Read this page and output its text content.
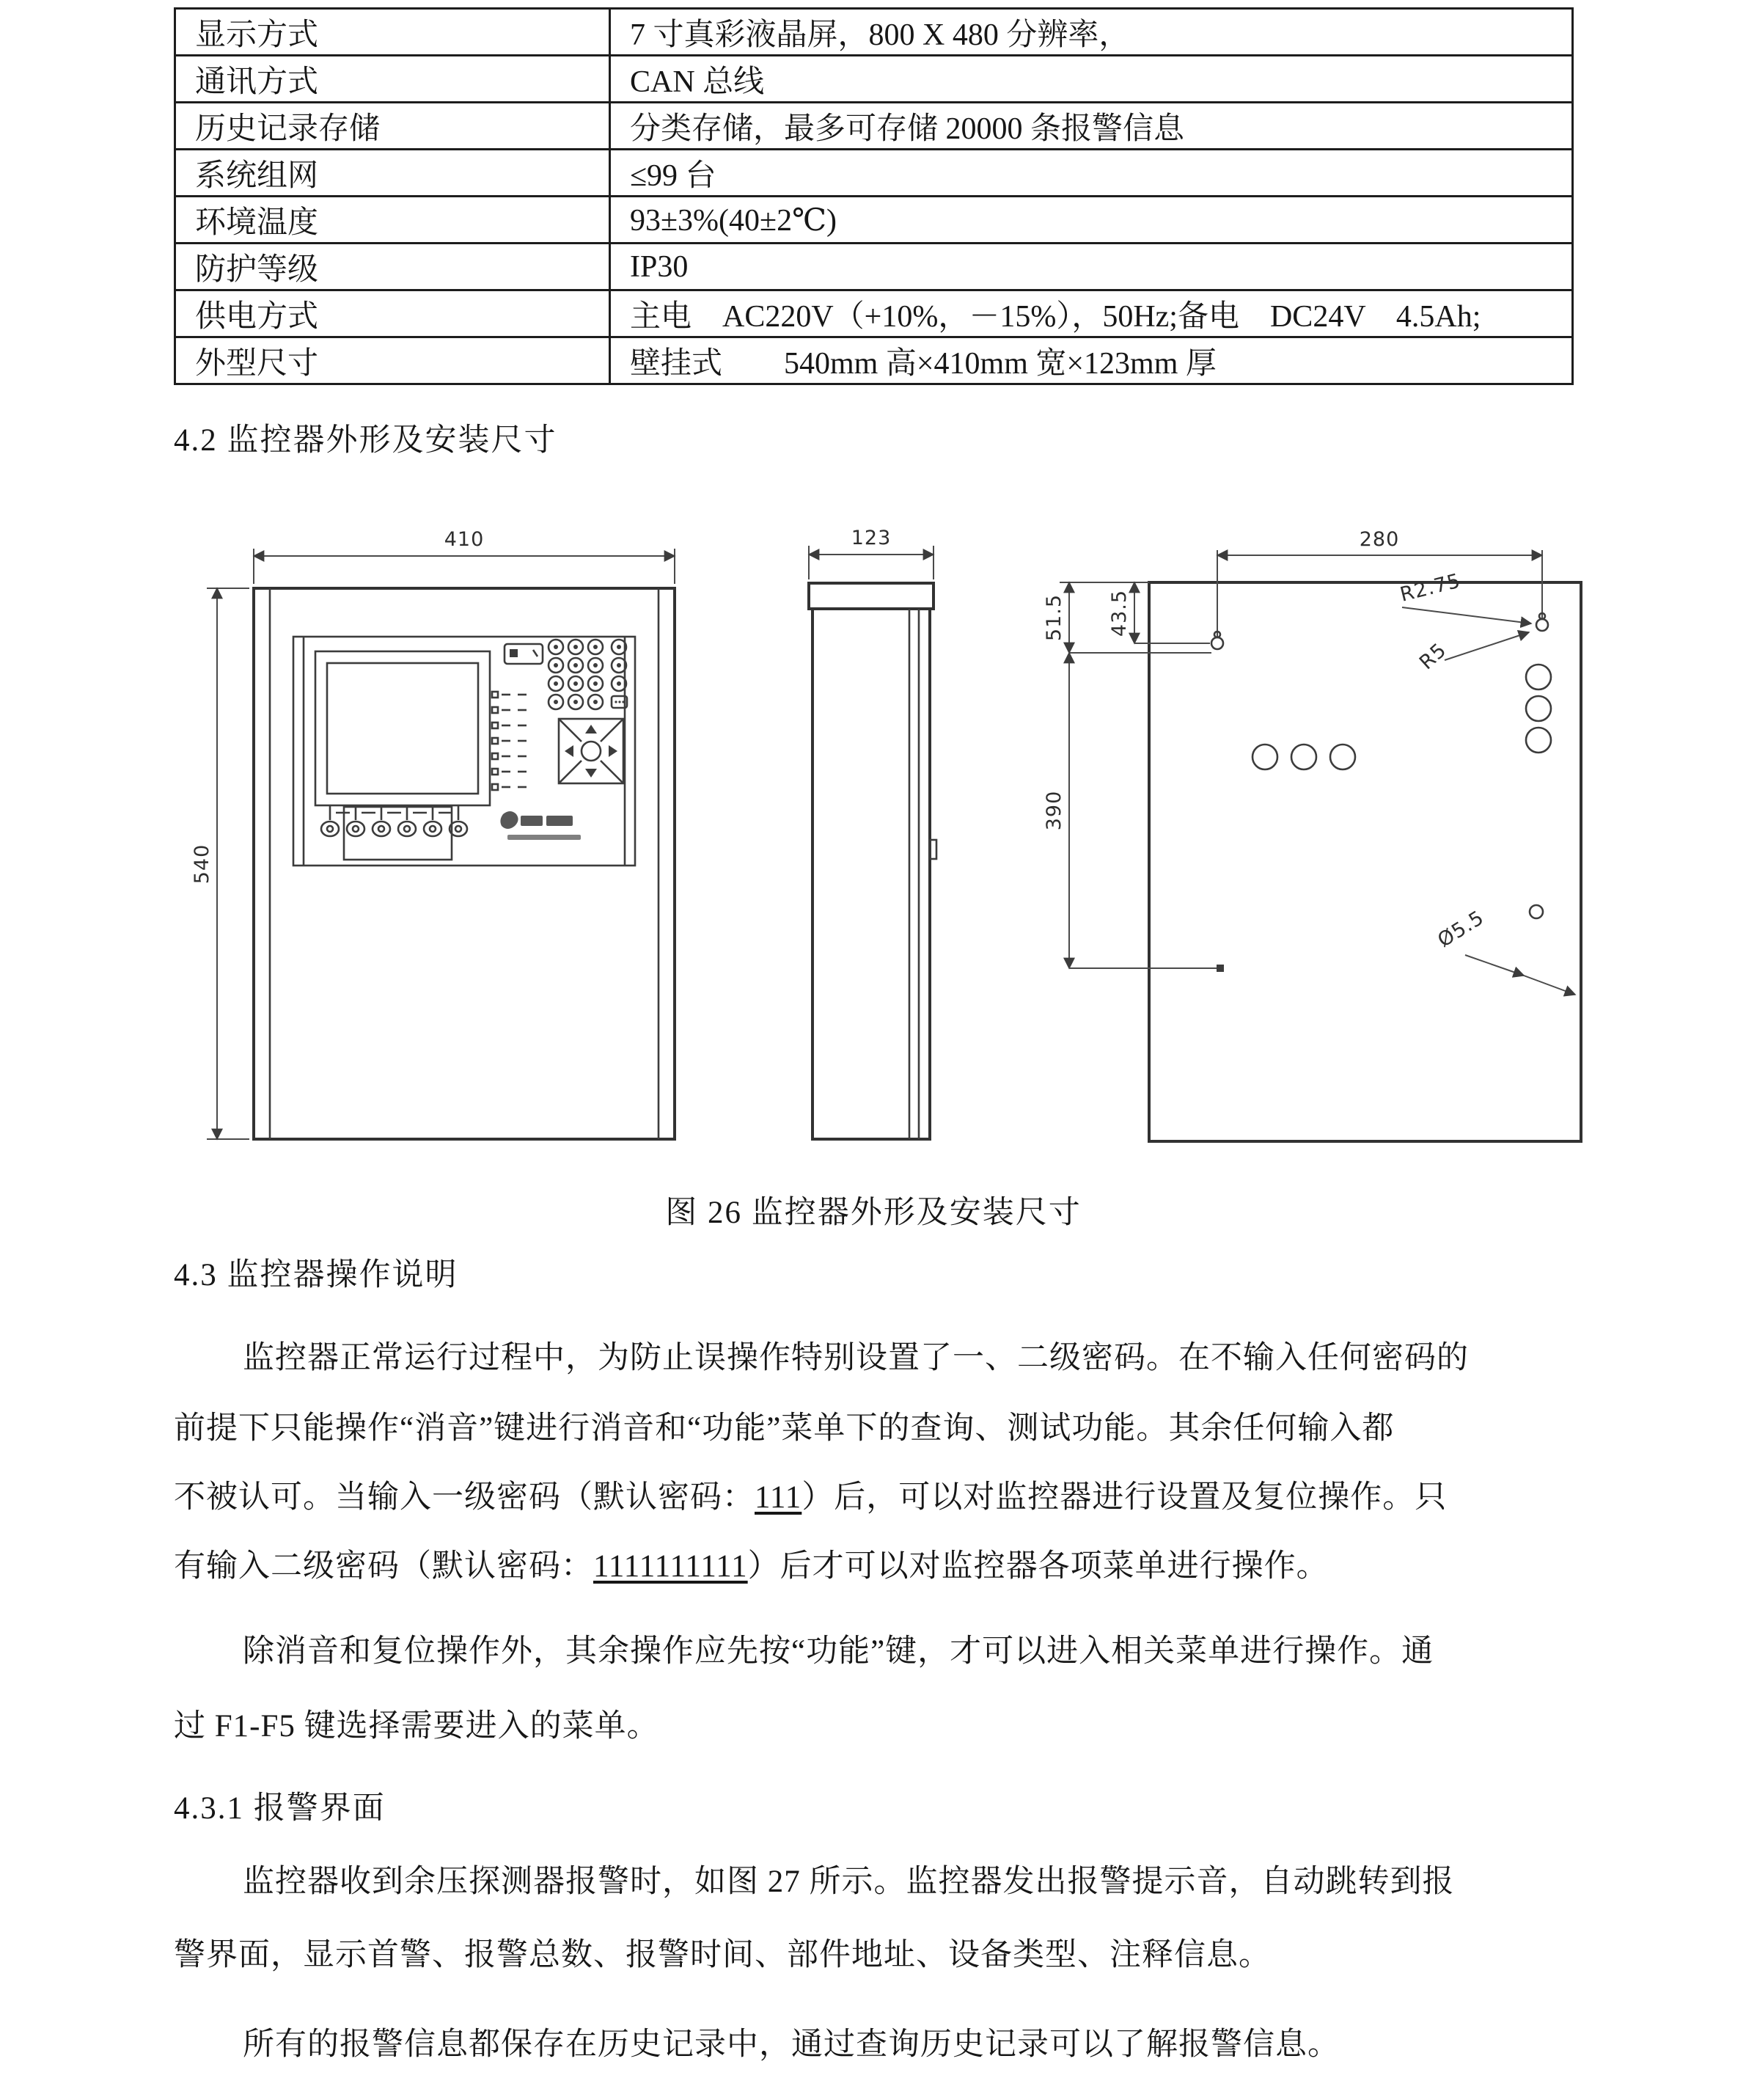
显示方式	7 寸真彩液晶屏，800 X 480 分辨率，
通讯方式	CAN 总线
历史记录存储	分类存储，最多可存储 20000 条报警信息
系统组网	≤99 台
环境温度	93±3%(40±2℃)
防护等级	IP30
供电方式	主电　AC220V（+10%，－15%），50Hz;备电　DC24V　4.5Ah;
外型尺寸	壁挂式　　540mm 高×410mm 宽×123mm 厚
4.2 监控器外形及安装尺寸
410
540
123	280
51.5 43.5
390
R2.75
R5
Ø5.5
图 26 监控器外形及安装尺寸
4.3 监控器操作说明
监控器正常运行过程中，为防止误操作特别设置了一、二级密码。在不输入任何密码的
前提下只能操作“消音”键进行消音和“功能”菜单下的查询、测试功能。其余任何输入都
不被认可。当输入一级密码（默认密码：111）后，可以对监控器进行设置及复位操作。只
有输入二级密码（默认密码：1111111111）后才可以对监控器各项菜单进行操作。
除消音和复位操作外，其余操作应先按“功能”键，才可以进入相关菜单进行操作。通
过 F1-F5 键选择需要进入的菜单。
4.3.1 报警界面
监控器收到余压探测器报警时，如图 27 所示。监控器发出报警提示音，自动跳转到报
警界面，显示首警、报警总数、报警时间、部件地址、设备类型、注释信息。
所有的报警信息都保存在历史记录中，通过查询历史记录可以了解报警信息。
